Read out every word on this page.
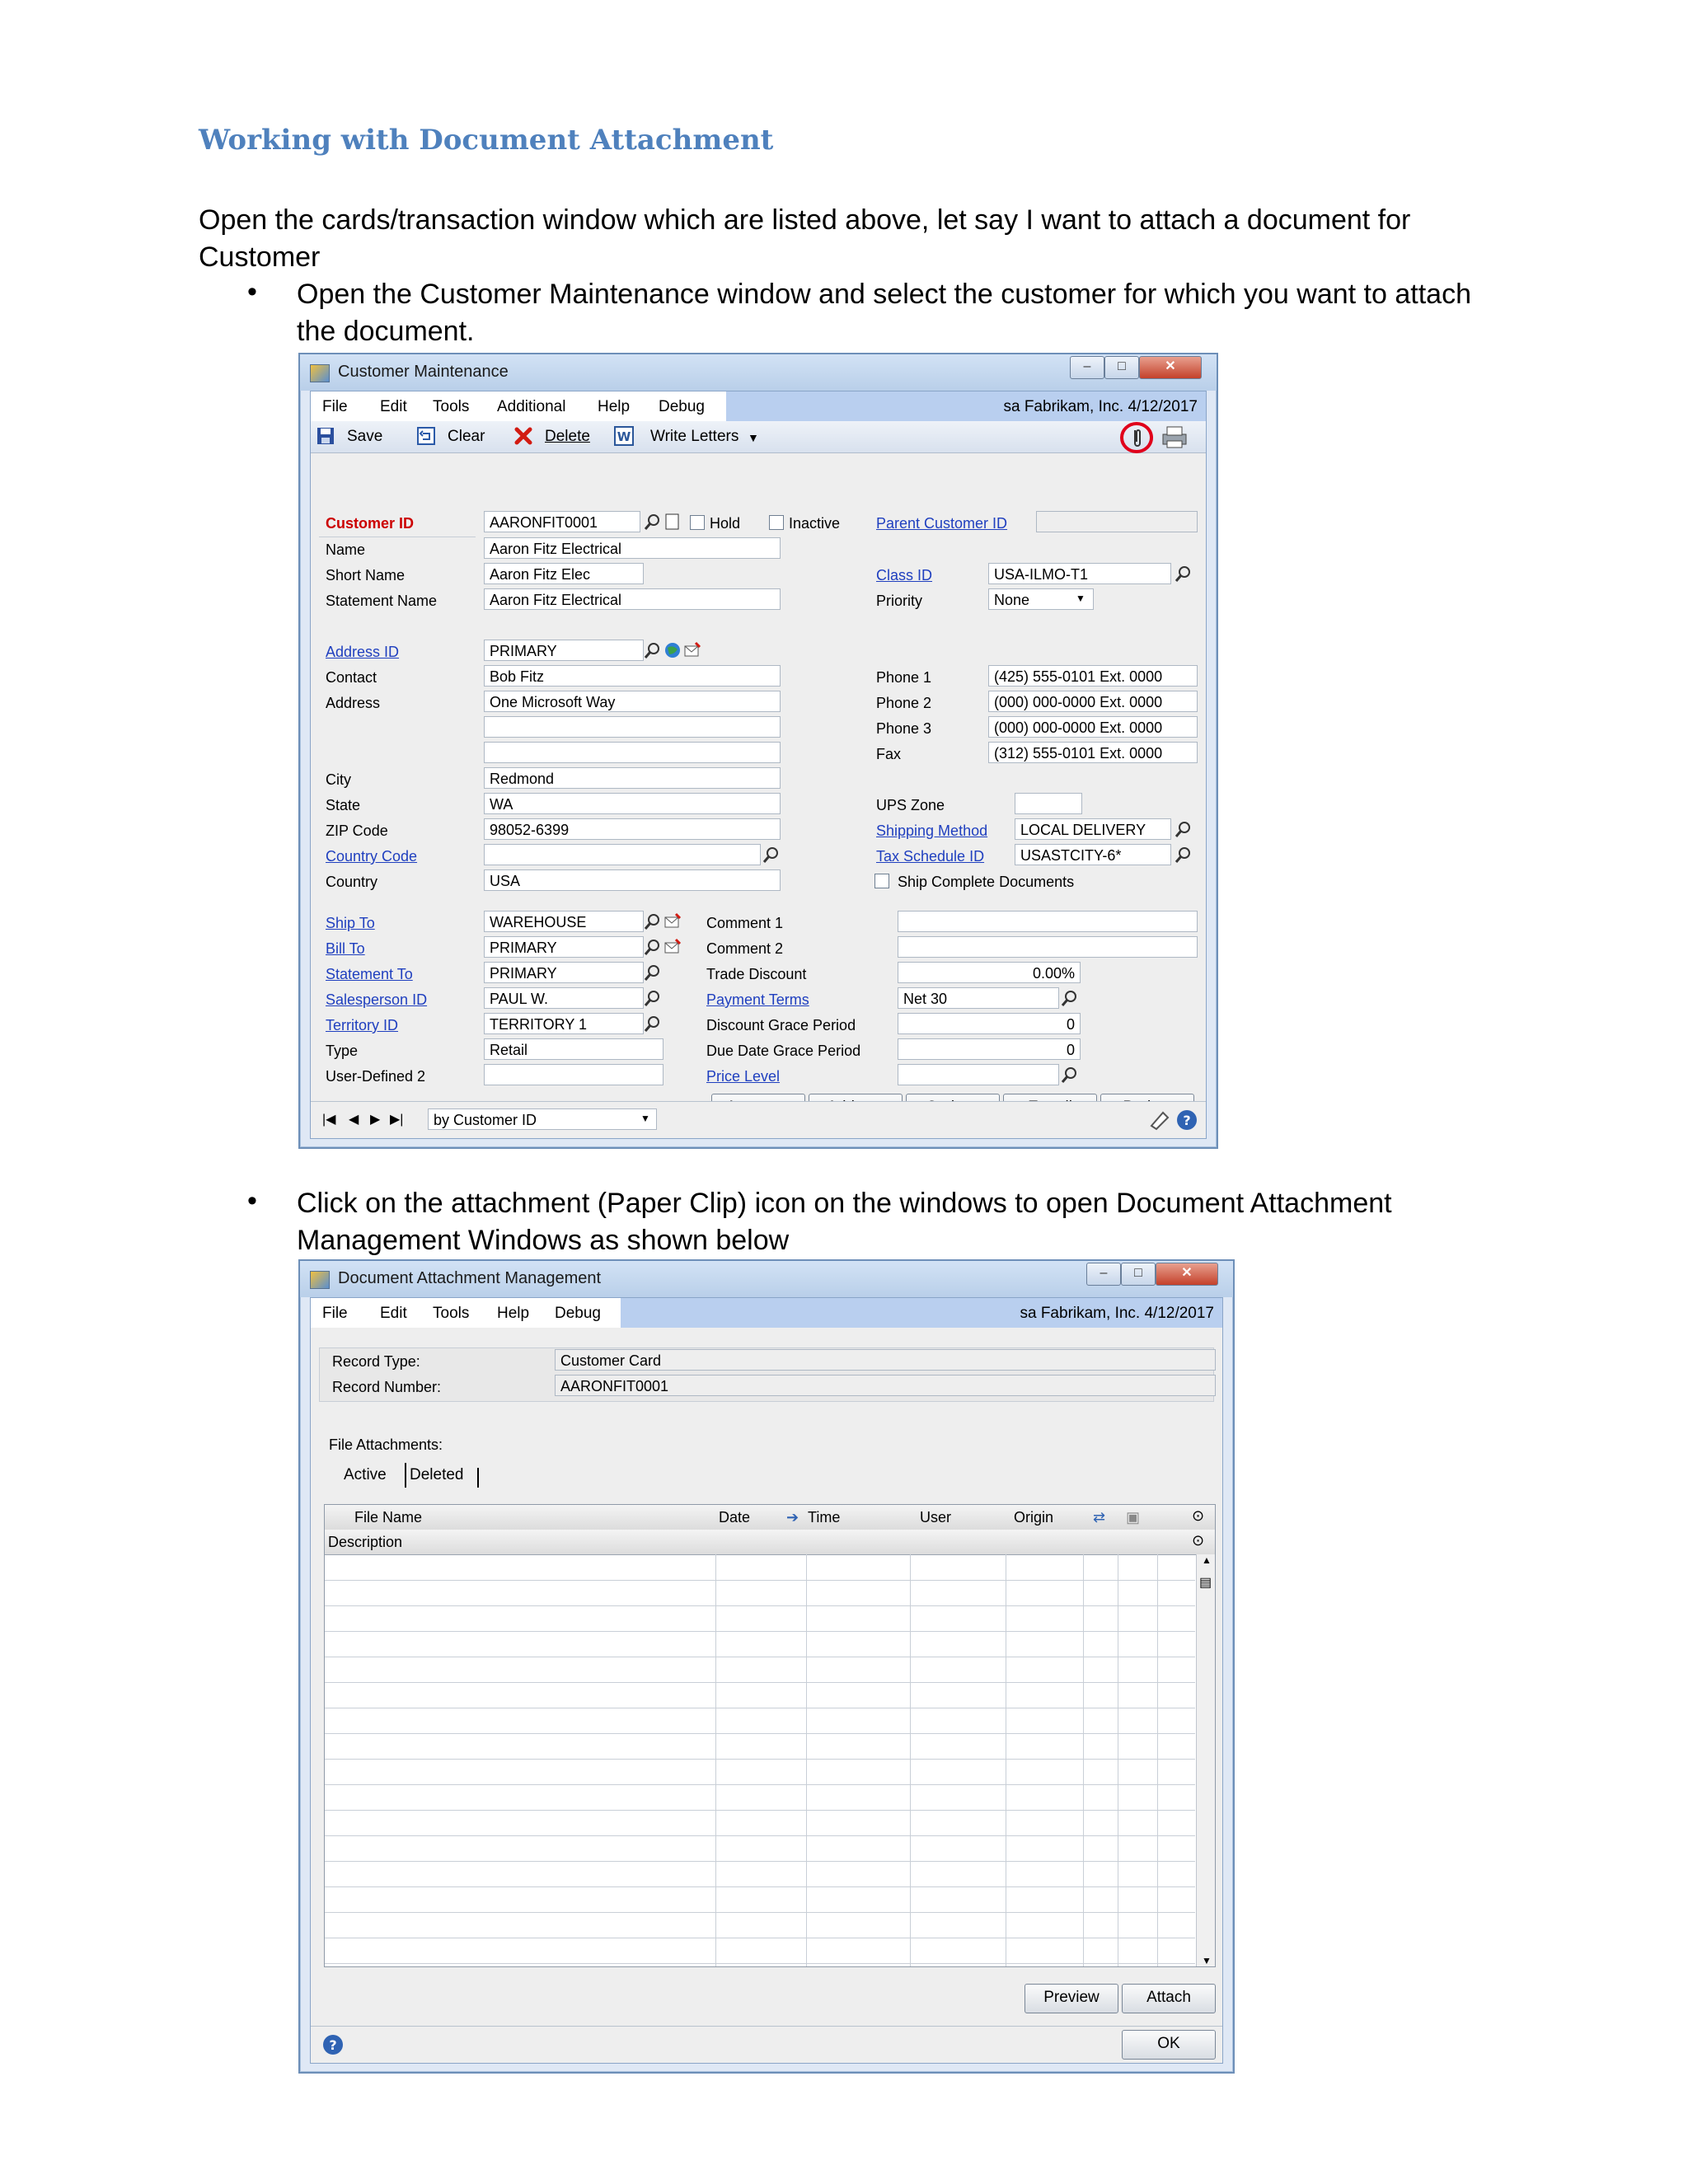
Working with Document Attachment
Open the cards/transaction window which are listed above, let say I want to attach a document for Customer
• Open the Customer Maintenance window and select the customer for which you want to attach the document.
Customer Maintenance	–	□	✕
File Edit Tools Additional Help Debug	sa Fabrikam, Inc. 4/12/2017
Save	Clear	Delete W Write Letters ▼
Customer ID	AARONFIT0001	Hold	Inactive Parent Customer ID
Name	Aaron Fitz Electrical
Short Name	Aaron Fitz Elec
Statement Name	Aaron Fitz Electrical
Class ID	USA-ILMO-T1
Priority	None	▼
Address ID	PRIMARY
Contact	Bob Fitz
Address	One Microsoft Way
City	Redmond
State	WA
ZIP Code	98052-6399
Country Code
Country	USA
Phone 1	(425) 555-0101 Ext. 0000
Phone 2	(000) 000-0000 Ext. 0000
Phone 3	(000) 000-0000 Ext. 0000
Fax	(312) 555-0101 Ext. 0000
UPS Zone
Shipping Method	LOCAL DELIVERY
Tax Schedule ID	USASTCITY-6*
Ship Complete Documents
Ship To	WAREHOUSE
Bill To	PRIMARY
Statement To	PRIMARY
Salesperson ID	PAUL W.
Territory ID	TERRITORY 1
Type	Retail
User-Defined 2
Comment 1
Comment 2
Trade Discount	0.00%
Payment Terms	Net 30
Discount Grace Period	0
Due Date Grace Period	0
Price Level
|◀ ◀ ▶ ▶|	by Customer ID	▼	?
• Click on the attachment (Paper Clip) icon on the windows to open Document Attachment Management Windows as shown below
Document Attachment Management	–	□	✕
File Edit Tools Help Debug	sa Fabrikam, Inc. 4/12/2017
Record Type:	Customer Card
Record Number:	AARONFIT0001
File Attachments:
Active Deleted
File Name	Date ➔ Time	User	Origin	⇄ ▣	⊙
Description	⊙
▲
▤
▼
Preview	Attach
?	OK
